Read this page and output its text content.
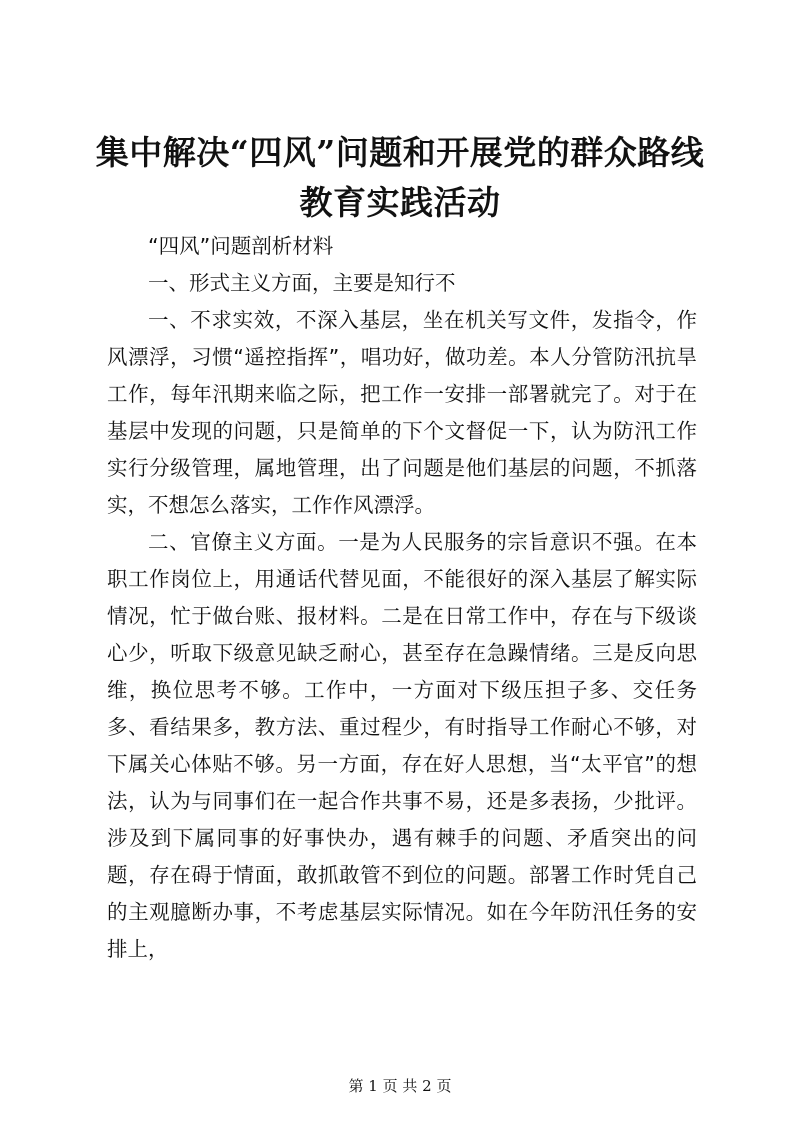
集中解决“四风”问题和开展党的群众路线教育实践活动

“四风”问题剖析材料

一、形式主义方面，主要是知行不

一、不求实效，不深入基层，坐在机关写文件，发指令，作风漂浮，习惯“遥控指挥”，唱功好，做功差。本人分管防汛抗旱工作，每年汛期来临之际，把工作一安排一部署就完了。对于在基层中发现的问题，只是简单的下个文督促一下，认为防汛工作实行分级管理，属地管理，出了问题是他们基层的问题，不抓落实，不想怎么落实，工作作风漂浮。

二、官僚主义方面。一是为人民服务的宗旨意识不强。在本职工作岗位上，用通话代替见面，不能很好的深入基层了解实际情况，忙于做台账、报材料。二是在日常工作中，存在与下级谈心少，听取下级意见缺乏耐心，甚至存在急躁情绪。三是反向思维，换位思考不够。工作中，一方面对下级压担子多、交任务多、看结果多，教方法、重过程少，有时指导工作耐心不够，对下属关心体贴不够。另一方面，存在好人思想，当“太平官”的想法，认为与同事们在一起合作共事不易，还是多表扬，少批评。涉及到下属同事的好事快办，遇有棘手的问题、矛盾突出的问题，存在碍于情面，敢抓敢管不到位的问题。部署工作时凭自己的主观臆断办事，不考虑基层实际情况。如在今年防汛任务的安排上，

第 1 页 共 2 页
